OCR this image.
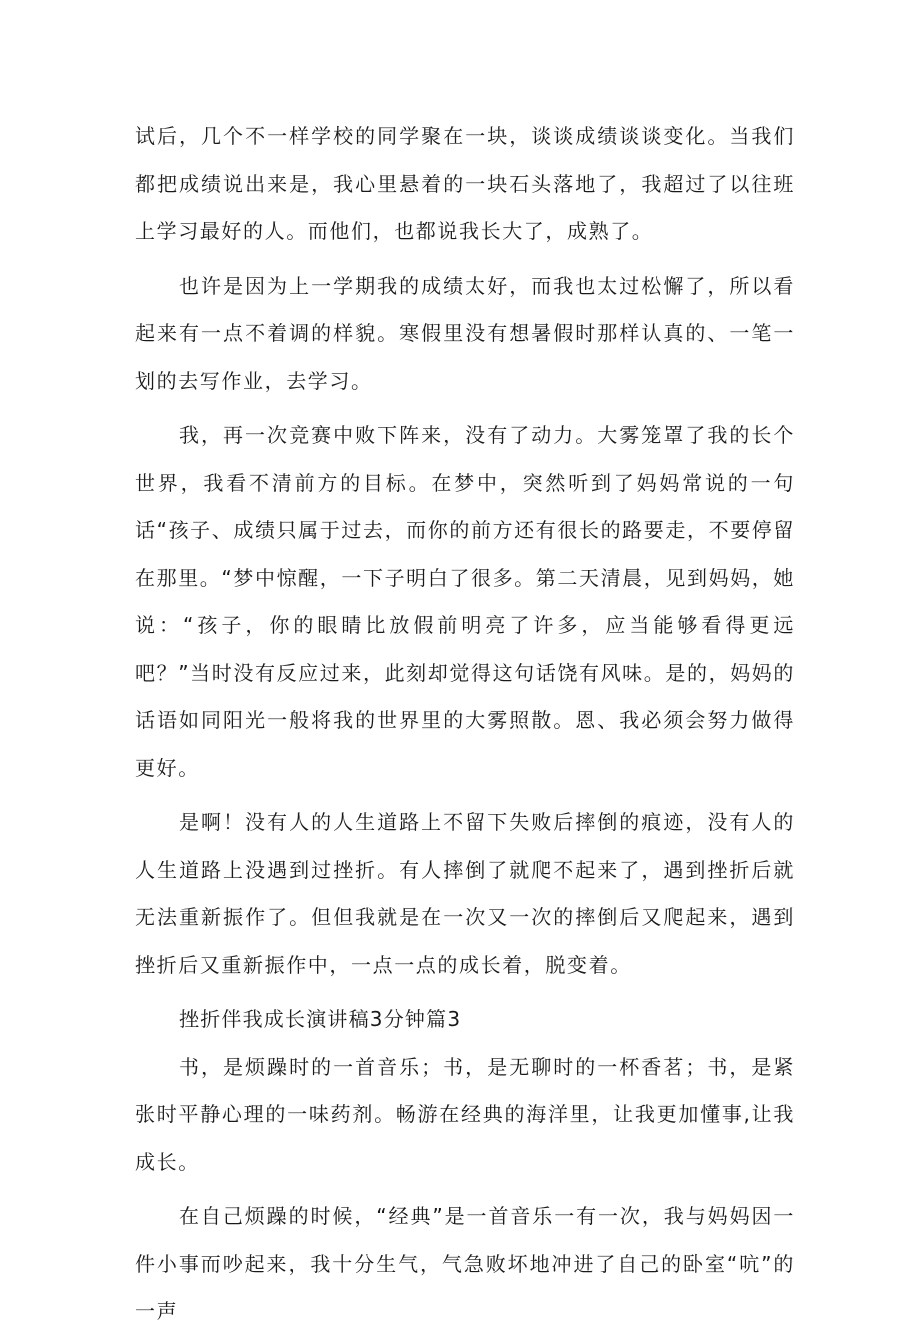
试后，几个不一样学校的同学聚在一块，谈谈成绩谈谈变化。当我们都把成绩说出来是，我心里悬着的一块石头落地了，我超过了以往班上学习最好的人。而他们，也都说我长大了，成熟了。

也许是因为上一学期我的成绩太好，而我也太过松懈了，所以看起来有一点不着调的样貌。寒假里没有想暑假时那样认真的、一笔一划的去写作业，去学习。

我，再一次竞赛中败下阵来，没有了动力。大雾笼罩了我的长个世界，我看不清前方的目标。在梦中，突然听到了妈妈常说的一句话“孩子、成绩只属于过去，而你的前方还有很长的路要走，不要停留在那里。“梦中惊醒，一下子明白了很多。第二天清晨，见到妈妈，她说：“孩子，你的眼睛比放假前明亮了许多，应当能够看得更远吧？”当时没有反应过来，此刻却觉得这句话饶有风味。是的，妈妈的话语如同阳光一般将我的世界里的大雾照散。恩、我必须会努力做得更好。

是啊！没有人的人生道路上不留下失败后摔倒的痕迹，没有人的人生道路上没遇到过挫折。有人摔倒了就爬不起来了，遇到挫折后就无法重新振作了。但但我就是在一次又一次的摔倒后又爬起来，遇到挫折后又重新振作中，一点一点的成长着，脱变着。

挫折伴我成长演讲稿3分钟篇3

书，是烦躁时的一首音乐；书，是无聊时的一杯香茗；书，是紧张时平静心理的一味药剂。畅游在经典的海洋里，让我更加懂事,让我成长。

在自己烦躁的时候，“经典”是一首音乐一有一次，我与妈妈因一件小事而吵起来，我十分生气，气急败坏地冲进了自己的卧室“吭”的一声
